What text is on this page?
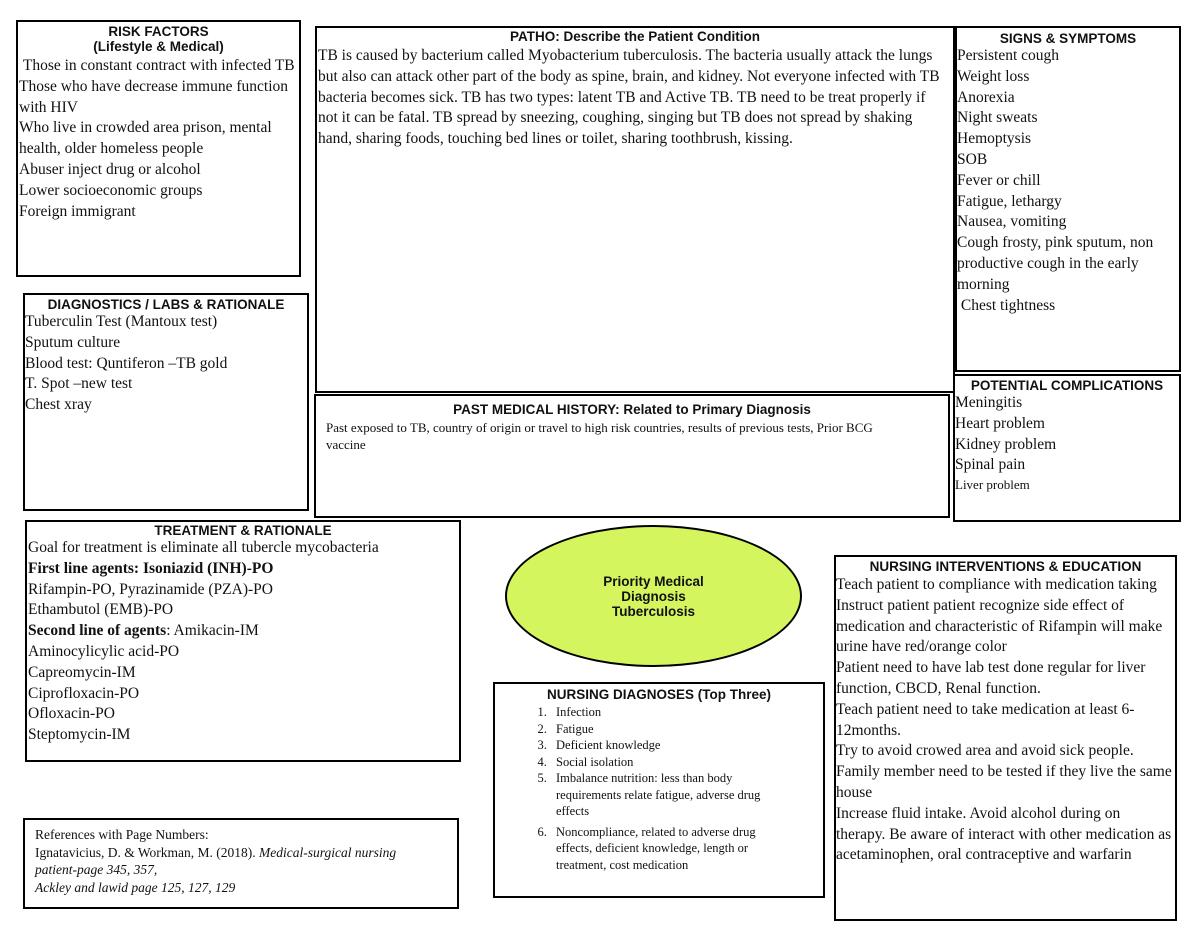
RISK FACTORS
(Lifestyle & Medical)
Those in constant contract with infected TB
Those who have decrease immune function with HIV
Who live in crowded area prison, mental health, older homeless people
Abuser inject drug or alcohol
Lower socioeconomic groups
Foreign immigrant
PATHO: Describe the Patient Condition
TB is caused by bacterium called Myobacterium tuberculosis. The bacteria usually attack the lungs but also can attack other part of the body as spine, brain, and kidney. Not everyone infected with TB bacteria becomes sick. TB has two types: latent TB and Active TB. TB need to be treat properly if not it can be fatal. TB spread by sneezing, coughing, singing but TB does not spread by shaking hand, sharing foods, touching bed lines or toilet, sharing toothbrush, kissing.
SIGNS & SYMPTOMS
Persistent cough
Weight loss
Anorexia
Night sweats
Hemoptysis
SOB
Fever or chill
Fatigue, lethargy
Nausea, vomiting
Cough frosty, pink sputum, non productive cough in the early morning
Chest tightness
DIAGNOSTICS / LABS & RATIONALE
Tuberculin Test (Mantoux test)
Sputum culture
Blood test: Quntiferon –TB gold
T. Spot –new test
Chest xray	PAST MEDICAL HISTORY: Related to Primary Diagnosis
Past exposed to TB, country of origin or travel to high risk countries, results of previous tests, Prior BCG vaccine
POTENTIAL COMPLICATIONS
Meningitis
Heart problem
Kidney problem
Spinal pain
Liver problem
TREATMENT & RATIONALE
Goal for treatment is eliminate all tubercle mycobacteria
First line agents: Isoniazid (INH)-PO
Rifampin-PO, Pyrazinamide (PZA)-PO
Ethambutol (EMB)-PO
Second line of agents: Amikacin-IM
Aminocylicylic acid-PO
Capreomycin-IM
Ciprofloxacin-PO
Ofloxacin-PO
Steptomycin-IM
Priority Medical
Diagnosis
Tuberculosis
NURSING INTERVENTIONS & EDUCATION
Teach patient to compliance with medication taking
Instruct patient patient recognize side effect of medication and characteristic of Rifampin will make urine have red/orange color
Patient need to have lab test done regular for liver function, CBCD, Renal function.
Teach patient need to take medication at least 6-12months.
Try to avoid crowed area and avoid sick people. Family member need to be tested if they live the same house
Increase fluid intake. Avoid alcohol during on therapy. Be aware of interact with other medication as acetaminophen, oral contraceptive and warfarin
NURSING DIAGNOSES (Top Three)
1. Infection
2. Fatigue
3. Deficient knowledge
4. Social isolation
5. Imbalance nutrition: less than body requirements relate fatigue, adverse drug effects
6. Noncompliance, related to adverse drug effects, deficient knowledge, length or treatment, cost medication
References with Page Numbers:
Ignatavicius, D. & Workman, M. (2018). Medical-surgical nursing patient-page 345, 357,
Ackley and lawid page 125, 127, 129
